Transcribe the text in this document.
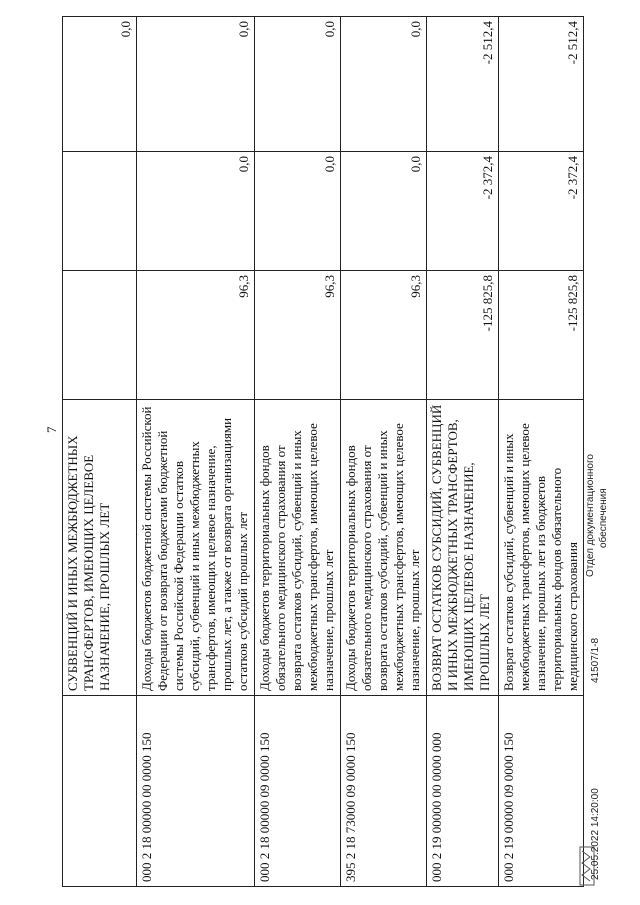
7
	СУБВЕНЦИЙ И ИНЫХ МЕЖБЮДЖЕТНЫХ ТРАНСФЕРТОВ, ИМЕЮЩИХ ЦЕЛЕВОЕ НАЗНАЧЕНИЕ, ПРОШЛЫХ ЛЕТ			0,0
000 2 18 00000 00 0000 150	Доходы бюджетов бюджетной системы Российской Федерации от возврата бюджетами бюджетной системы Российской Федерации остатков субсидий, субвенций и иных межбюджетных трансфертов, имеющих целевое назначение, прошлых лет, а также от возврата организациями остатков субсидий прошлых лет	96,3	0,0	0,0
000 2 18 00000 09 0000 150	Доходы бюджетов территориальных фондов обязательного медицинского страхования от возврата остатков субсидий, субвенций и иных межбюджетных трансфертов, имеющих целевое назначение, прошлых лет	96,3	0,0	0,0
395 2 18 73000 09 0000 150	Доходы бюджетов территориальных фондов обязательного медицинского страхования от возврата остатков субсидий, субвенций и иных межбюджетных трансфертов, имеющих целевое назначение, прошлых лет	96,3	0,0	0,0
000 2 19 00000 00 0000 000	ВОЗВРАТ ОСТАТКОВ СУБСИДИЙ, СУБВЕНЦИЙ И ИНЫХ МЕЖБЮДЖЕТНЫХ ТРАНСФЕРТОВ, ИМЕЮЩИХ ЦЕЛЕВОЕ НАЗНАЧЕНИЕ, ПРОШЛЫХ ЛЕТ	-125 825,8	-2 372,4	-2 512,4
000 2 19 00000 09 0000 150	Возврат остатков субсидий, субвенций и иных межбюджетных трансфертов, имеющих целевое назначение, прошлых лет из бюджетов территориальных фондов обязательного медицинского страхования	-125 825,8	-2 372,4	-2 512,4
25.05.2022 14:20:00
41507/1-8
Отдел документационного обеспечения
